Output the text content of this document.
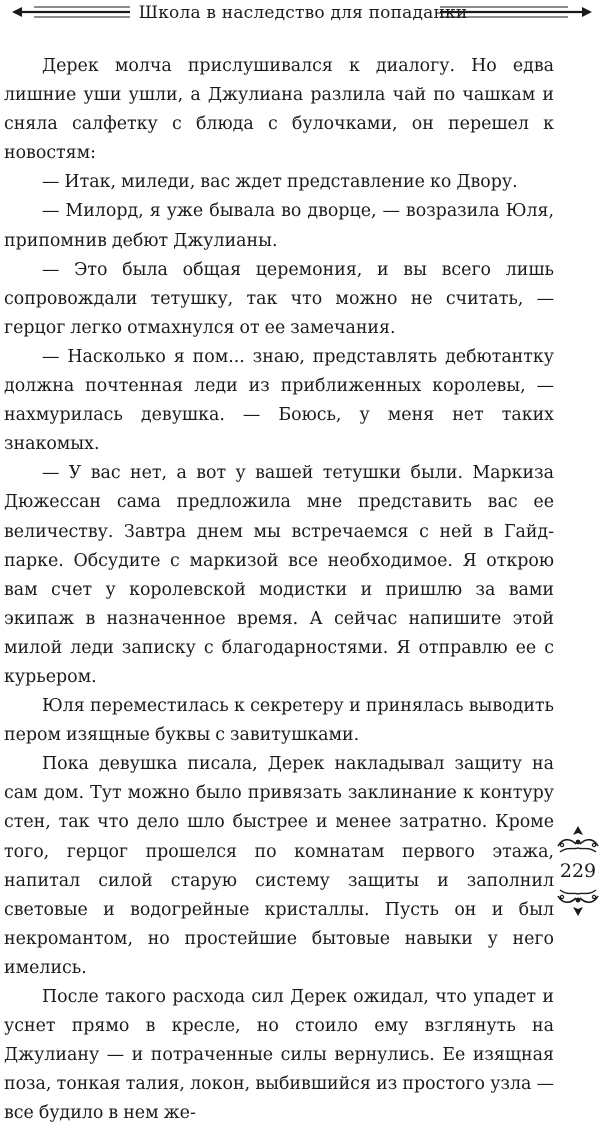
Школа в наследство для попаданки

Дерек молча прислушивался к диалогу. Но едва лишние уши ушли, а Джулиана разлила чай по чашкам и сняла салфетку с блюда с булочками, он перешел к новостям:

— Итак, миледи, вас ждет представление ко Двору.

— Милорд, я уже бывала во дворце, — возразила Юля, припомнив дебют Джулианы.

— Это была общая церемония, и вы всего лишь сопровождали тетушку, так что можно не считать, — герцог легко отмахнулся от ее замечания.

— Насколько я пом... знаю, представлять дебютантку должна почтенная леди из приближенных королевы, — нахмурилась девушка. — Боюсь, у меня нет таких знакомых.

— У вас нет, а вот у вашей тетушки были. Маркиза Дюжессан сама предложила мне представить вас ее величеству. Завтра днем мы встречаемся с ней в Гайд-парке. Обсудите с маркизой все необходимое. Я открою вам счет у королевской модистки и пришлю за вами экипаж в назначенное время. А сейчас напишите этой милой леди записку с благодарностями. Я отправлю ее с курьером.

Юля переместилась к секретеру и принялась выводить пером изящные буквы с завитушками.

Пока девушка писала, Дерек накладывал защиту на сам дом. Тут можно было привязать заклинание к контуру стен, так что дело шло быстрее и менее затратно. Кроме того, герцог прошелся по комнатам первого этажа, напитал силой старую систему защиты и заполнил световые и водогрейные кристаллы. Пусть он и был некромантом, но простейшие бытовые навыки у него имелись.

После такого расхода сил Дерек ожидал, что упадет и уснет прямо в кресле, но стоило ему взглянуть на Джулиану — и потраченные силы вернулись. Ее изящная поза, тонкая талия, локон, выбившийся из простого узла — все будило в нем же-

229
